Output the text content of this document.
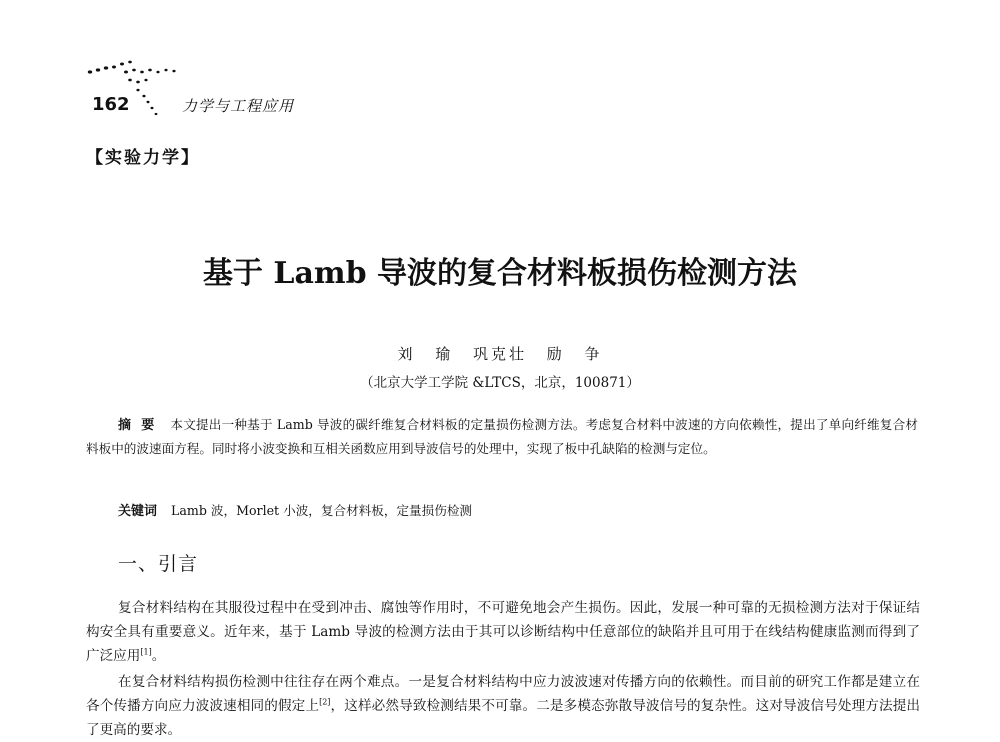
162	力学与工程应用
【实验力学】
基于 Lamb 导波的复合材料板损伤检测方法
刘 瑜 巩克壮 励 争
（北京大学工学院 &LTCS，北京，100871）
摘要 本文提出一种基于 Lamb 导波的碳纤维复合材料板的定量损伤检测方法。考虑复合材料中波速的方向依赖性，提出了单向纤维复合材料板中的波速面方程。同时将小波变换和互相关函数应用到导波信号的处理中，实现了板中孔缺陷的检测与定位。
关键词 Lamb 波，Morlet 小波，复合材料板，定量损伤检测
一、引言
复合材料结构在其服役过程中在受到冲击、腐蚀等作用时，不可避免地会产生损伤。因此，发展一种可靠的无损检测方法对于保证结构安全具有重要意义。近年来，基于 Lamb 导波的检测方法由于其可以诊断结构中任意部位的缺陷并且可用于在线结构健康监测而得到了广泛应用[1]。
在复合材料结构损伤检测中往往存在两个难点。一是复合材料结构中应力波波速对传播方向的依赖性。而目前的研究工作都是建立在各个传播方向应力波波速相同的假定上[2]，这样必然导致检测结果不可靠。二是多模态弥散导波信号的复杂性。这对导波信号处理方法提出了更高的要求。
